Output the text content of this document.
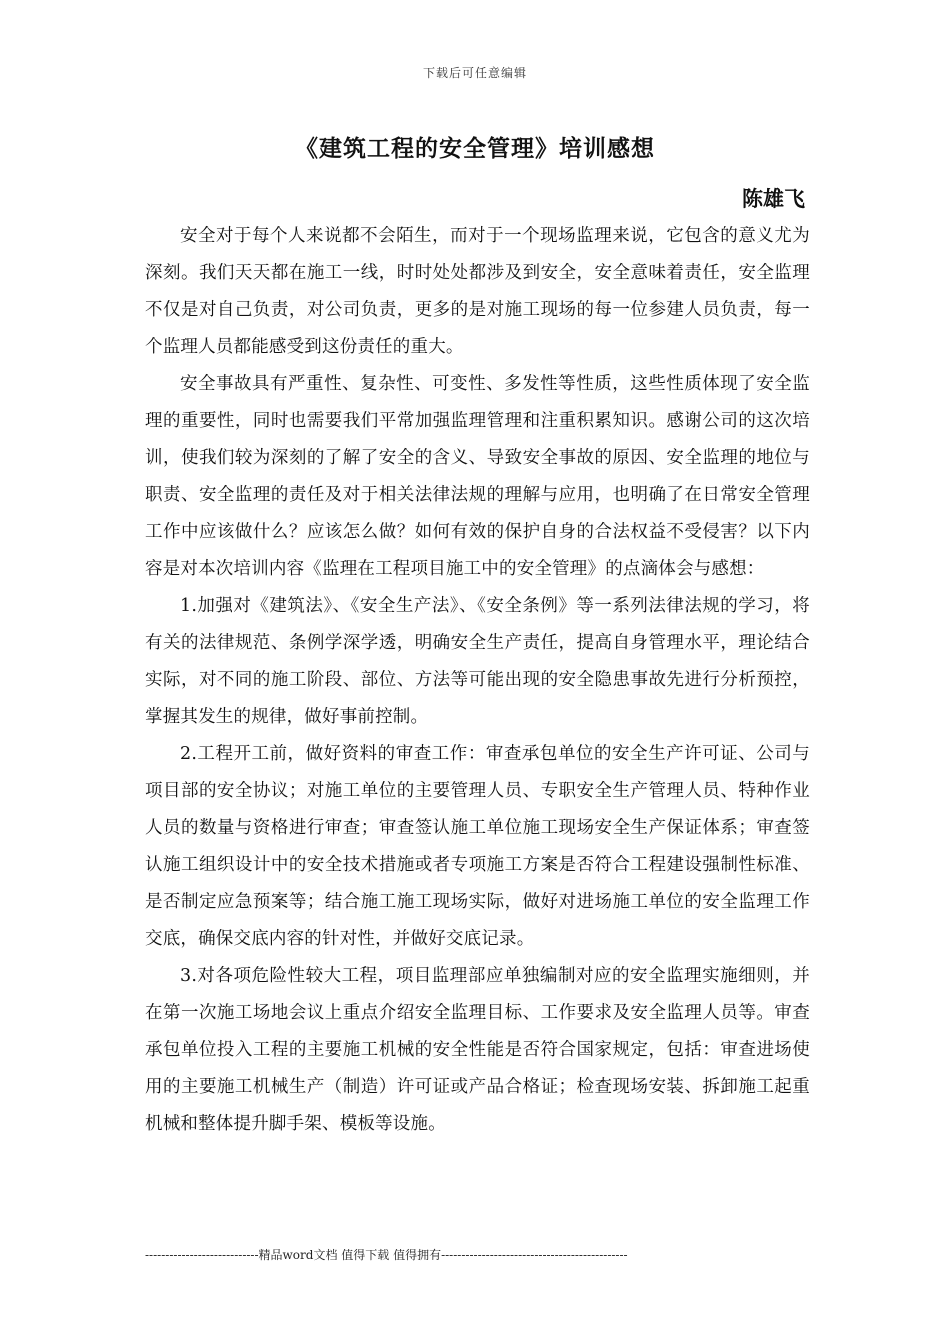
下载后可任意编辑
《建筑工程的安全管理》培训感想
陈雄飞

安全对于每个人来说都不会陌生，而对于一个现场监理来说，它包含的意义尤为深刻。我们天天都在施工一线，时时处处都涉及到安全，安全意味着责任，安全监理不仅是对自己负责，对公司负责，更多的是对施工现场的每一位参建人员负责，每一个监理人员都能感受到这份责任的重大。

安全事故具有严重性、复杂性、可变性、多发性等性质，这些性质体现了安全监理的重要性，同时也需要我们平常加强监理管理和注重积累知识。感谢公司的这次培训，使我们较为深刻的了解了安全的含义、导致安全事故的原因、安全监理的地位与职责、安全监理的责任及对于相关法律法规的理解与应用，也明确了在日常安全管理工作中应该做什么？应该怎么做？如何有效的保护自身的合法权益不受侵害？以下内容是对本次培训内容《监理在工程项目施工中的安全管理》的点滴体会与感想：

1.加强对《建筑法》、《安全生产法》、《安全条例》等一系列法律法规的学习，将有关的法律规范、条例学深学透，明确安全生产责任，提高自身管理水平，理论结合实际，对不同的施工阶段、部位、方法等可能出现的安全隐患事故先进行分析预控，掌握其发生的规律，做好事前控制。

2.工程开工前，做好资料的审查工作：审查承包单位的安全生产许可证、公司与项目部的安全协议；对施工单位的主要管理人员、专职安全生产管理人员、特种作业人员的数量与资格进行审查；审查签认施工单位施工现场安全生产保证体系；审查签认施工组织设计中的安全技术措施或者专项施工方案是否符合工程建设强制性标准、是否制定应急预案等；结合施工施工现场实际，做好对进场施工单位的安全监理工作交底，确保交底内容的针对性，并做好交底记录。

3.对各项危险性较大工程，项目监理部应单独编制对应的安全监理实施细则，并在第一次施工场地会议上重点介绍安全监理目标、工作要求及安全监理人员等。审查承包单位投入工程的主要施工机械的安全性能是否符合国家规定，包括：审查进场使用的主要施工机械生产（制造）许可证或产品合格证；检查现场安装、拆卸施工起重机械和整体提升脚手架、模板等设施。

----------------------------精品word文档 值得下载 值得拥有----------------------------------------------
